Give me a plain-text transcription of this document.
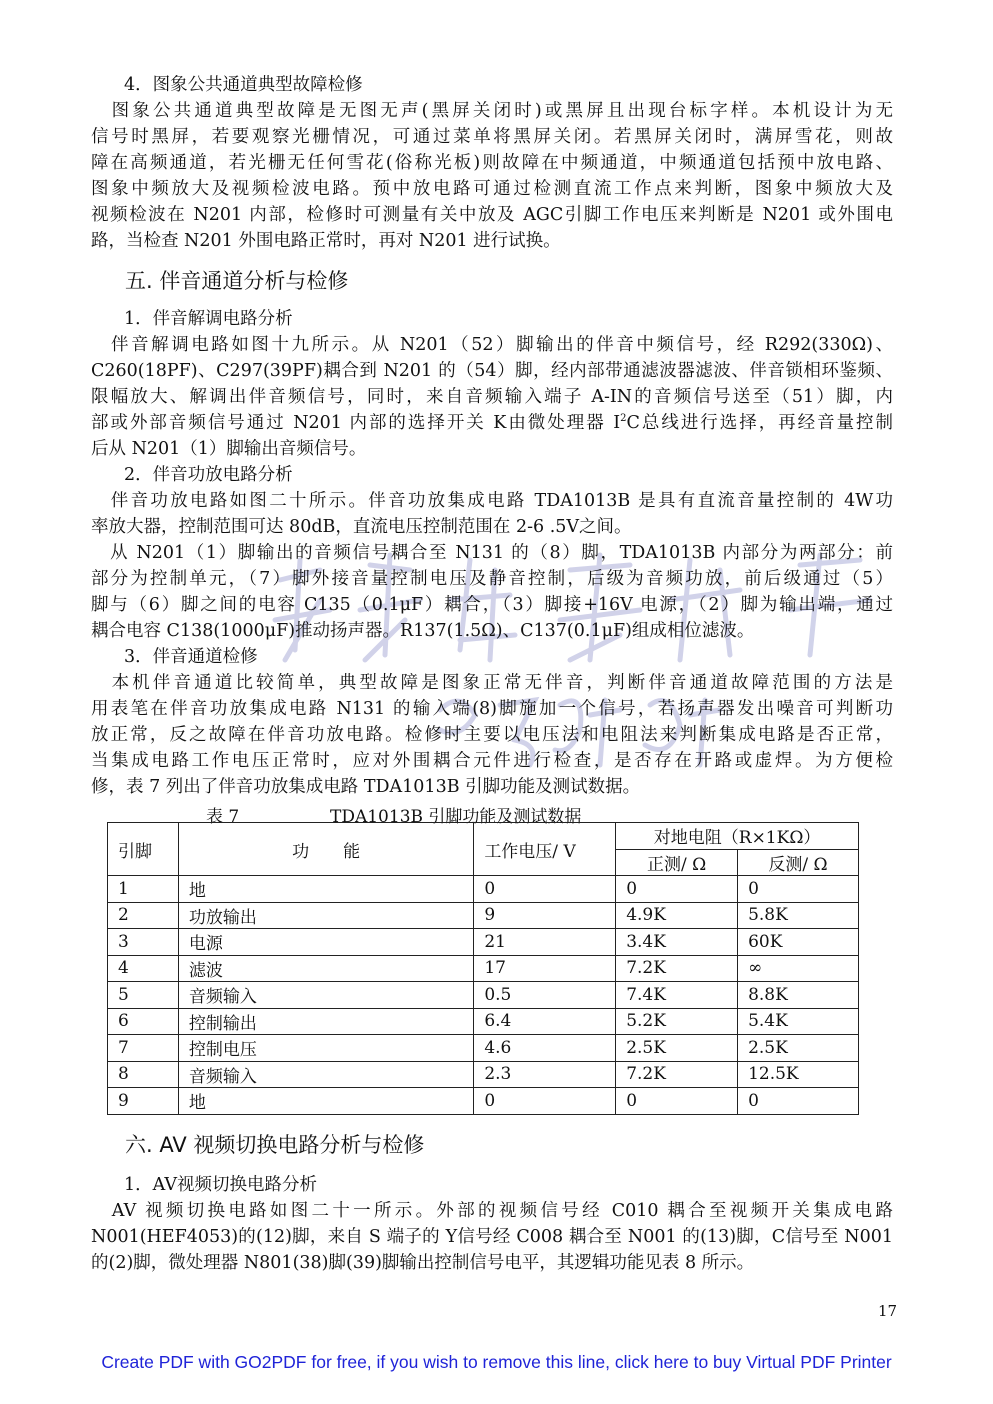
4．图象公共通道典型故障检修
　图象公共通道典型故障是无图无声(黑屏关闭时)或黑屏且出现台标字样。本机设计为无
信号时黑屏，若要观察光栅情况，可通过菜单将黑屏关闭。若黑屏关闭时，满屏雪花，则故
障在高频通道，若光栅无任何雪花(俗称光板)则故障在中频通道，中频通道包括预中放电路、
图象中频放大及视频检波电路。预中放电路可通过检测直流工作点来判断，图象中频放大及
视频检波在 N201 内部，检修时可测量有关中放及 AGC引脚工作电压来判断是 N201 或外围电
路，当检查 N201 外围电路正常时，再对 N201 进行试换。
五. 伴音通道分析与检修
1．伴音解调电路分析
　伴音解调电路如图十九所示。从 N201（52）脚输出的伴音中频信号，经 R292(330Ω)、
C260(18PF)、C297(39PF)耦合到 N201 的（54）脚，经内部带通滤波器滤波、伴音锁相环鉴频、
限幅放大、解调出伴音频信号，同时，来自音频输入端子 A-IN的音频信号送至（51）脚，内
部或外部音频信号通过 N201 内部的选择开关 K由微处理器 $I^2C$总线进行选择，再经音量控制
后从 N201（1）脚输出音频信号。
2．伴音功放电路分析
　伴音功放电路如图二十所示。伴音功放集成电路 TDA1013B 是具有直流音量控制的 4W功
率放大器，控制范围可达 80dB，直流电压控制范围在 2-6 .5V之间。
　从 N201（1）脚输出的音频信号耦合至 N131 的（8）脚，TDA1013B 内部分为两部分：前
部分为控制单元，（7）脚外接音量控制电压及静音控制，后级为音频功放，前后级通过（5）
脚与（6）脚之间的电容 C135（0.1μF）耦合，（3）脚接+16V 电源，（2）脚为输出端，通过
耦合电容 C138(1000μF)推动扬声器。R137(1.5Ω)、C137(0.1μF)组成相位滤波。
3．伴音通道检修
　本机伴音通道比较简单，典型故障是图象正常无伴音，判断伴音通道故障范围的方法是
用表笔在伴音功放集成电路 N131 的输入端(8)脚施加一个信号，若扬声器发出噪音可判断功
放正常，反之故障在伴音功放电路。检修时主要以电压法和电阻法来判断集成电路是否正常，
当集成电路工作电压正常时，应对外围耦合元件进行检查，是否存在开路或虚焊。为方便检
修，表 7 列出了伴音功放集成电路 TDA1013B 引脚功能及测试数据。
表 7	TDA1013B 引脚功能及测试数据
引脚	功　　能	工作电压/ V	对地电阻（R×1KΩ）	
			正测/ Ω	反测/ Ω
1	地	0	0	0
2	功放输出	9	4.9K	5.8K
3	电源	21	3.4K	60K
4	滤波	17	7.2K	∞
5	音频输入	0.5	7.4K	8.8K
6	控制输出	6.4	5.2K	5.4K
7	控制电压	4.6	2.5K	2.5K
8	音频输入	2.3	7.2K	12.5K
9	地	0	0	0
六. AV 视频切换电路分析与检修
1．AV视频切换电路分析
　AV 视频切换电路如图二十一所示。外部的视频信号经 C010 耦合至视频开关集成电路
N001(HEF4053)的(12)脚，来自 S 端子的 Y信号经 C008 耦合至 N001 的(13)脚，C信号至 N001
的(2)脚，微处理器 N801(38)脚(39)脚输出控制信号电平，其逻辑功能见表 8 所示。
17
Create PDF with GO2PDF for free, if you wish to remove this line, click here to buy Virtual PDF Printer
